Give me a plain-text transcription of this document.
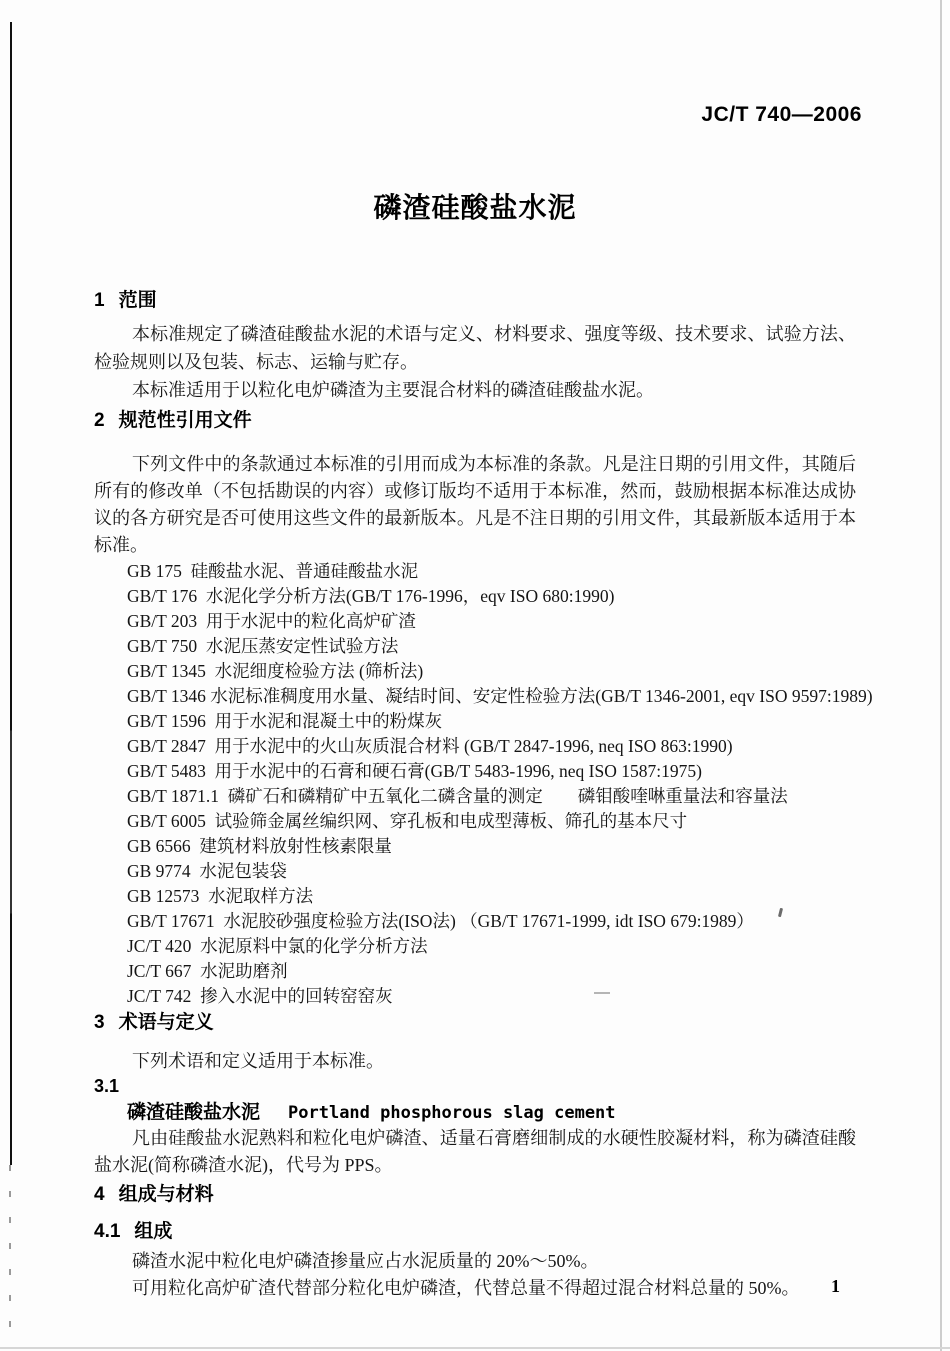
JC/T 740—2006
磷渣硅酸盐水泥
1 范围

本标准规定了磷渣硅酸盐水泥的术语与定义、材料要求、强度等级、技术要求、试验方法、检验规则以及包装、标志、运输与贮存。

本标准适用于以粒化电炉磷渣为主要混合材料的磷渣硅酸盐水泥。

2 规范性引用文件

下列文件中的条款通过本标准的引用而成为本标准的条款。凡是注日期的引用文件，其随后所有的修改单（不包括勘误的内容）或修订版均不适用于本标准，然而，鼓励根据本标准达成协议的各方研究是否可使用这些文件的最新版本。凡是不注日期的引用文件，其最新版本适用于本标准。

GB 175  硅酸盐水泥、普通硅酸盐水泥
GB/T 176  水泥化学分析方法(GB/T 176-1996，eqv ISO 680:1990)
GB/T 203  用于水泥中的粒化高炉矿渣
GB/T 750  水泥压蒸安定性试验方法
GB/T 1345  水泥细度检验方法 (筛析法)
GB/T 1346 水泥标准稠度用水量、凝结时间、安定性检验方法(GB/T 1346-2001, eqv ISO 9597:1989)
GB/T 1596  用于水泥和混凝土中的粉煤灰
GB/T 2847  用于水泥中的火山灰质混合材料 (GB/T 2847-1996, neq ISO 863:1990)
GB/T 5483  用于水泥中的石膏和硬石膏(GB/T 5483-1996, neq ISO 1587:1975)
GB/T 1871.1  磷矿石和磷精矿中五氧化二磷含量的测定　　磷钼酸喹啉重量法和容量法
GB/T 6005  试验筛金属丝编织网、穿孔板和电成型薄板、筛孔的基本尺寸
GB 6566  建筑材料放射性核素限量
GB 9774  水泥包装袋
GB 12573  水泥取样方法
GB/T 17671  水泥胶砂强度检验方法(ISO法) （GB/T 17671-1999, idt ISO 679:1989）
JC/T 420  水泥原料中氯的化学分析方法
JC/T 667  水泥助磨剂
JC/T 742  掺入水泥中的回转窑窑灰
3 术语与定义

下列术语和定义适用于本标准。

3.1
磷渣硅酸盐水泥 Portland phosphorous slag cement

凡由硅酸盐水泥熟料和粒化电炉磷渣、适量石膏磨细制成的水硬性胶凝材料，称为磷渣硅酸盐水泥(简称磷渣水泥)，代号为 PPS。

4 组成与材料
4.1 组成

磷渣水泥中粒化电炉磷渣掺量应占水泥质量的 20%～50%。

可用粒化高炉矿渣代替部分粒化电炉磷渣，代替总量不得超过混合材料总量的 50%。	1
